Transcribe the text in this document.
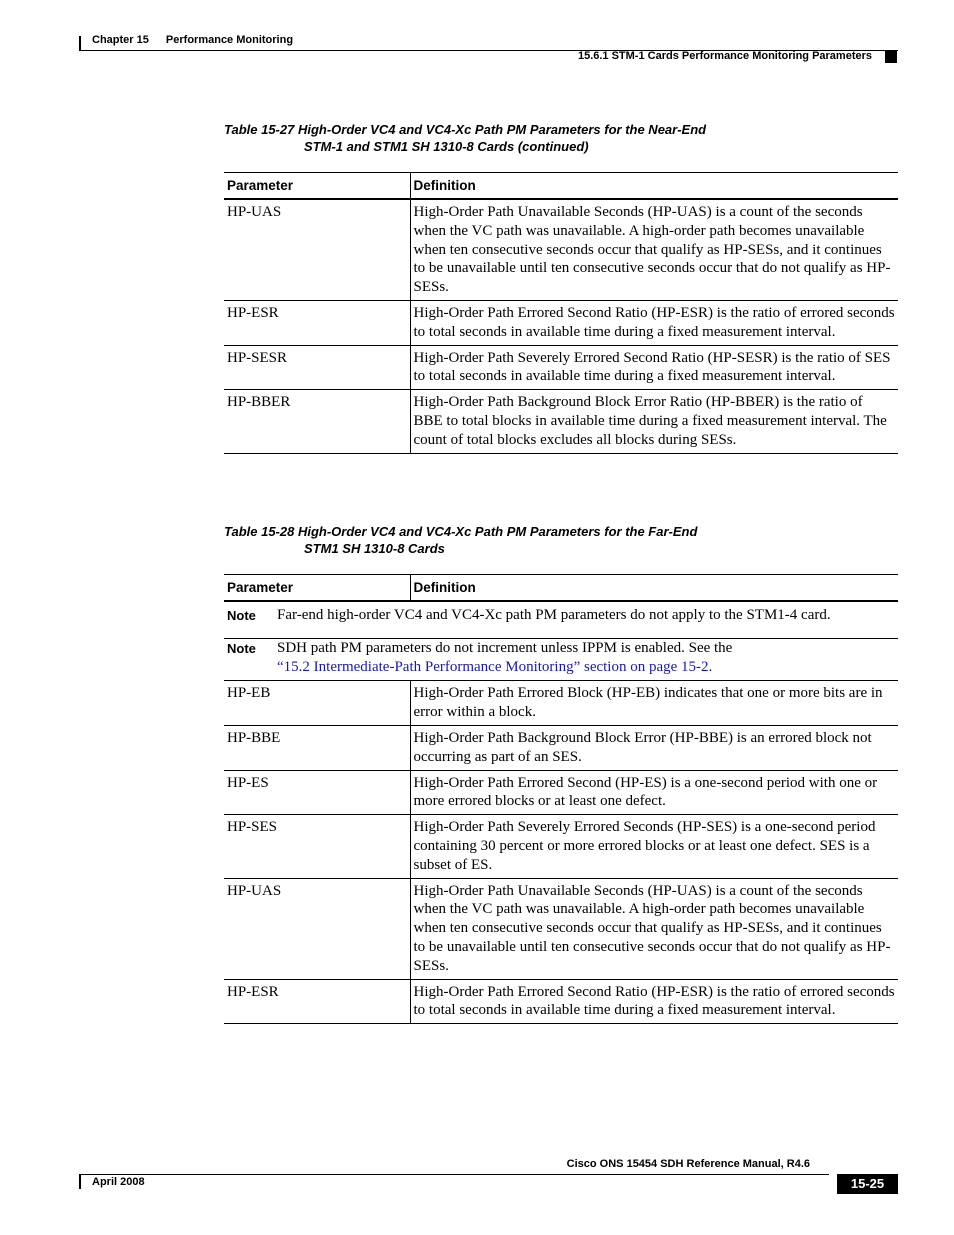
Chapter 15 Performance Monitoring
15.6.1 STM-1 Cards Performance Monitoring Parameters
Table 15-27 High-Order VC4 and VC4-Xc Path PM Parameters for the Near-End
STM-1 and STM1 SH 1310-8 Cards (continued)
Parameter	Definition
HP-UAS	High-Order Path Unavailable Seconds (HP-UAS) is a count of the seconds when the VC path was unavailable. A high-order path becomes unavailable when ten consecutive seconds occur that qualify as HP-SESs, and it continues to be unavailable until ten consecutive seconds occur that do not qualify as HP-SESs.
HP-ESR	High-Order Path Errored Second Ratio (HP-ESR) is the ratio of errored seconds to total seconds in available time during a fixed measurement interval.
HP-SESR	High-Order Path Severely Errored Second Ratio (HP-SESR) is the ratio of SES to total seconds in available time during a fixed measurement interval.
HP-BBER	High-Order Path Background Block Error Ratio (HP-BBER) is the ratio of BBE to total blocks in available time during a fixed measurement interval. The count of total blocks excludes all blocks during SESs.
Table 15-28 High-Order VC4 and VC4-Xc Path PM Parameters for the Far-End
STM1 SH 1310-8 Cards
Parameter	Definition

Note Far-end high-order VC4 and VC4-Xc path PM parameters do not apply to the STM1-4 card.	

Note SDH path PM parameters do not increment unless IPPM is enabled. See the
“15.2 Intermediate-Path Performance Monitoring” section on page 15-2.	

HP-EB	High-Order Path Errored Block (HP-EB) indicates that one or more bits are in error within a block.
HP-BBE	High-Order Path Background Block Error (HP-BBE) is an errored block not occurring as part of an SES.
HP-ES	High-Order Path Errored Second (HP-ES) is a one-second period with one or more errored blocks or at least one defect.
HP-SES	High-Order Path Severely Errored Seconds (HP-SES) is a one-second period containing 30 percent or more errored blocks or at least one defect. SES is a subset of ES.
HP-UAS	High-Order Path Unavailable Seconds (HP-UAS) is a count of the seconds when the VC path was unavailable. A high-order path becomes unavailable when ten consecutive seconds occur that qualify as HP-SESs, and it continues to be unavailable until ten consecutive seconds occur that do not qualify as HP-SESs.
HP-ESR	High-Order Path Errored Second Ratio (HP-ESR) is the ratio of errored seconds to total seconds in available time during a fixed measurement interval.
Cisco ONS 15454 SDH Reference Manual, R4.6
April 2008	15-25
